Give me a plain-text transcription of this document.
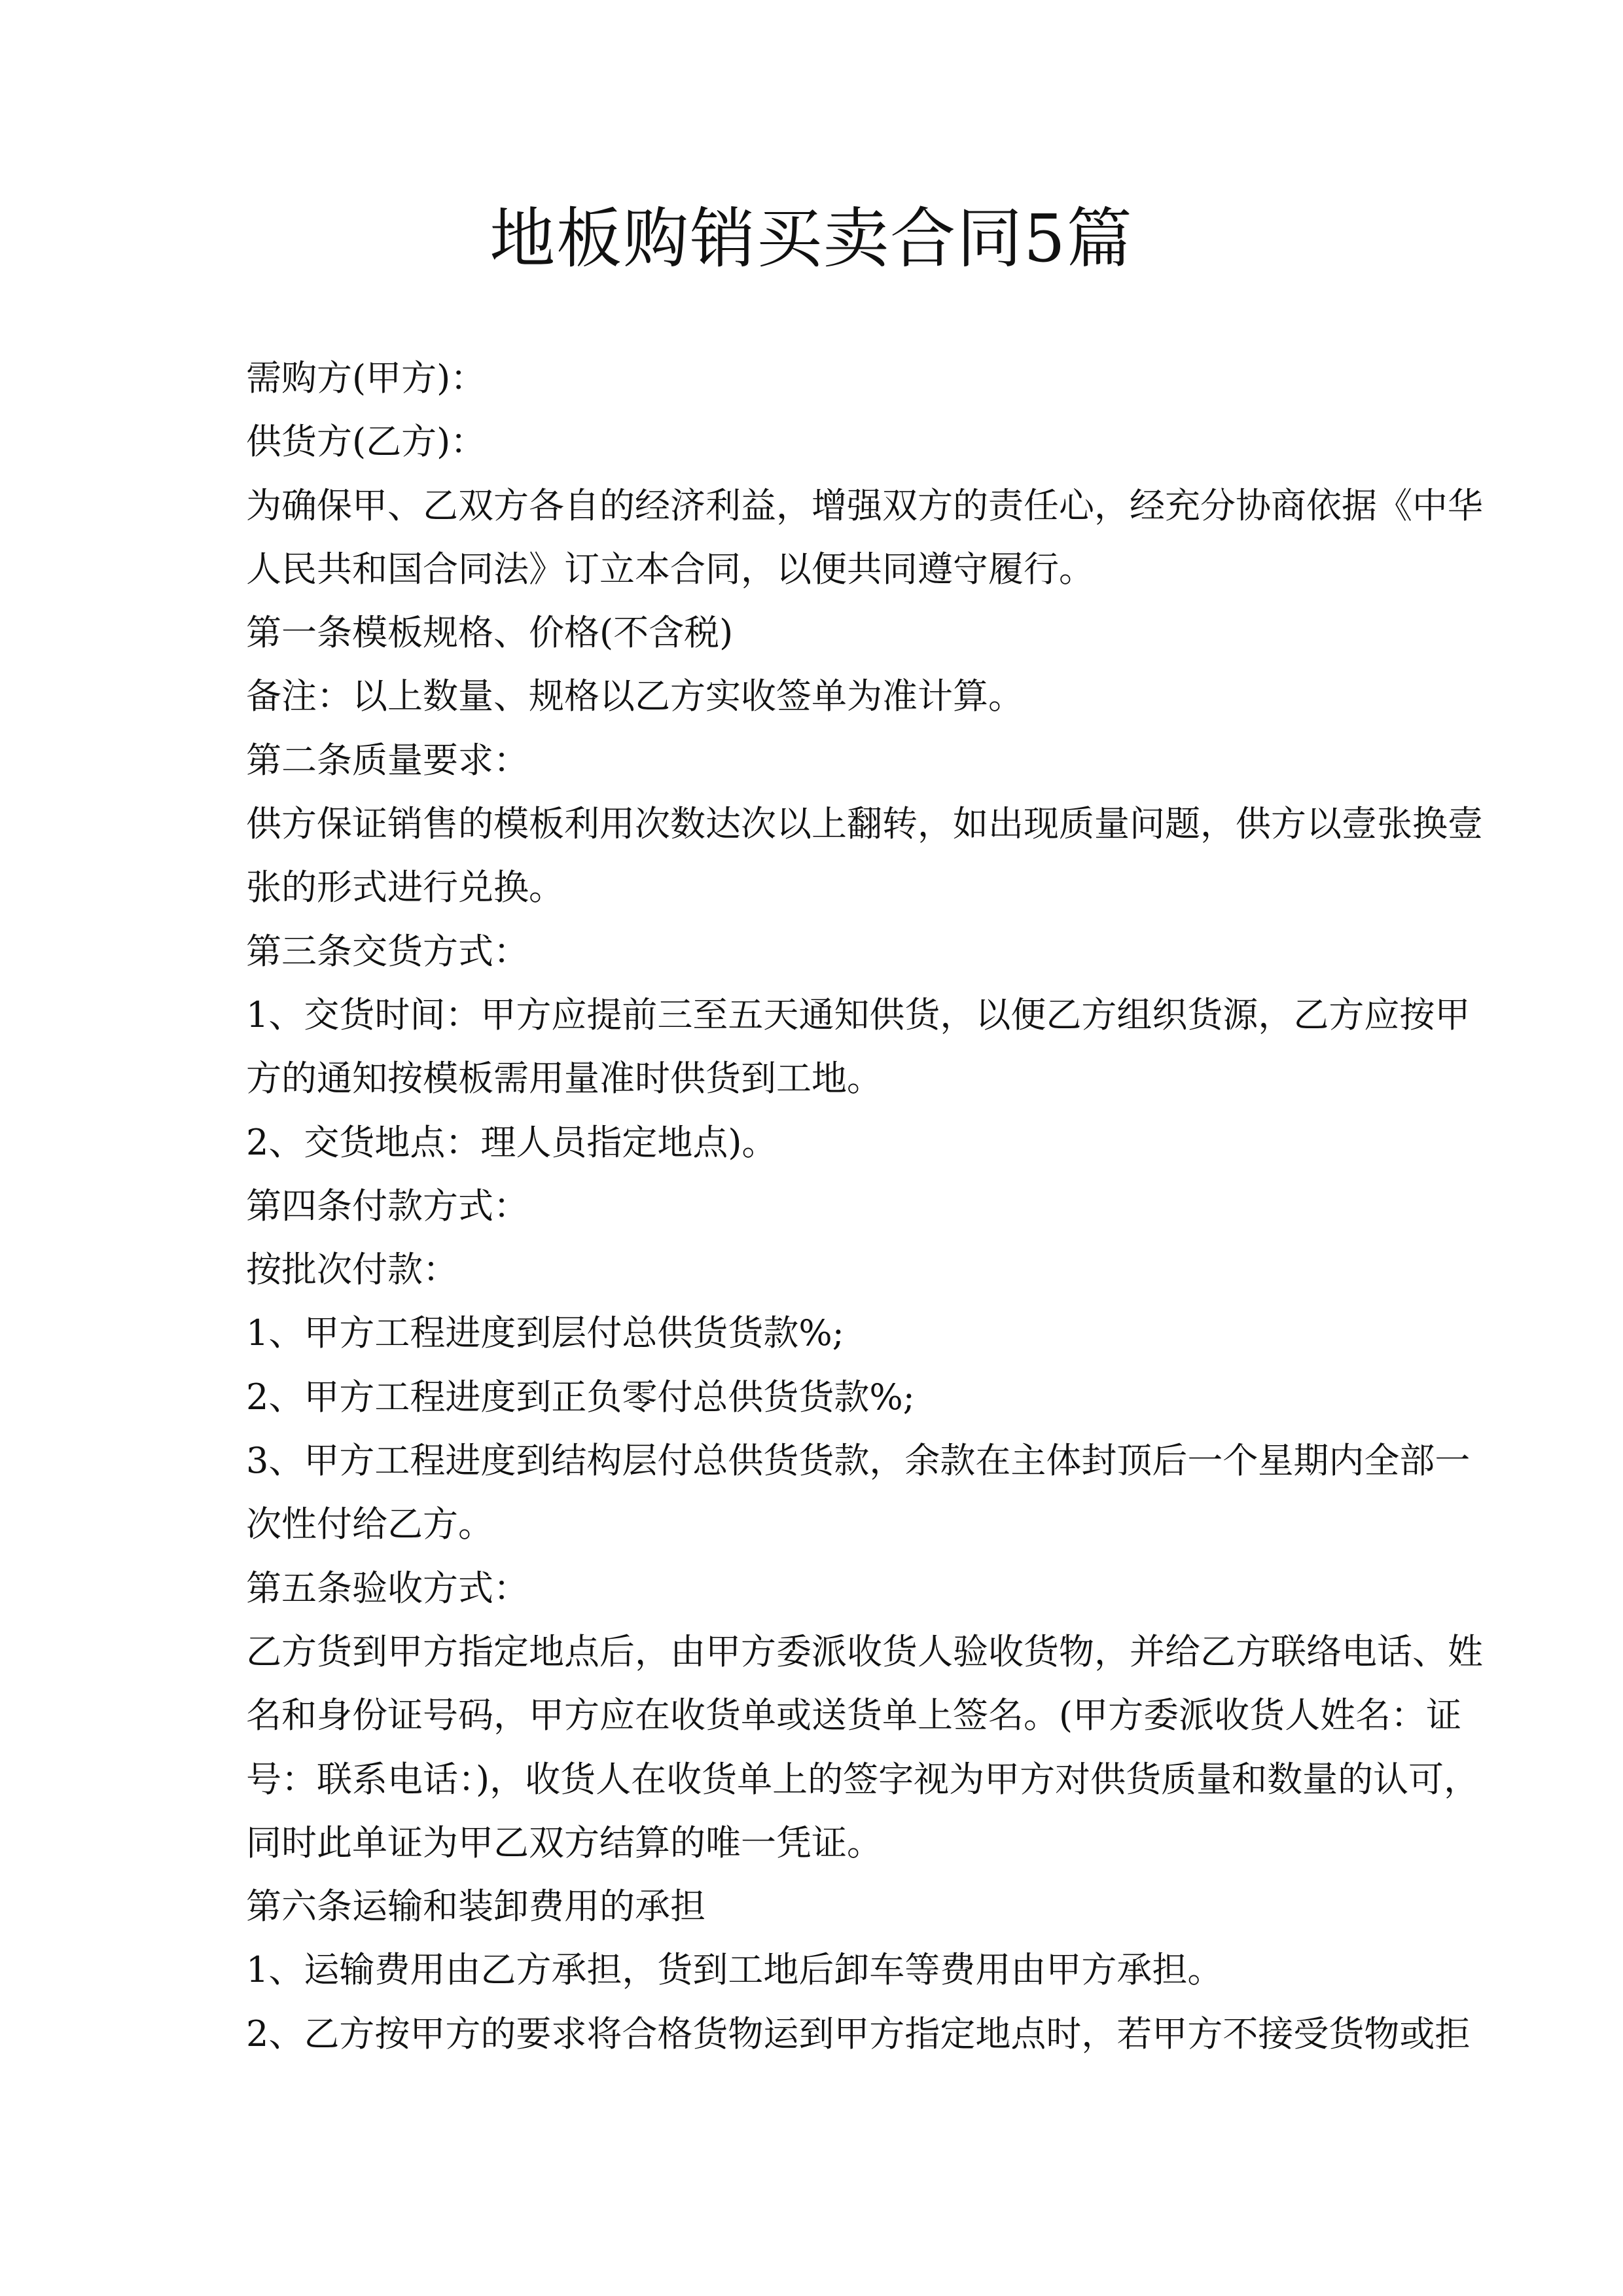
地板购销买卖合同5篇
需购方(甲方)：
供货方(乙方)：
为确保甲、乙双方各自的经济利益，增强双方的责任心，经充分协商依据《中华
人民共和国合同法》订立本合同，以便共同遵守履行。
第一条模板规格、价格(不含税)
备注：以上数量、规格以乙方实收签单为准计算。
第二条质量要求：
供方保证销售的模板利用次数达次以上翻转，如出现质量问题，供方以壹张换壹
张的形式进行兑换。
第三条交货方式：
1、交货时间：甲方应提前三至五天通知供货，以便乙方组织货源，乙方应按甲
方的通知按模板需用量准时供货到工地。
2、交货地点：理人员指定地点)。
第四条付款方式：
按批次付款：
1、甲方工程进度到层付总供货货款%;
2、甲方工程进度到正负零付总供货货款%;
3、甲方工程进度到结构层付总供货货款，余款在主体封顶后一个星期内全部一
次性付给乙方。
第五条验收方式：
乙方货到甲方指定地点后，由甲方委派收货人验收货物，并给乙方联络电话、姓
名和身份证号码，甲方应在收货单或送货单上签名。(甲方委派收货人姓名：证
号：联系电话：)，收货人在收货单上的签字视为甲方对供货质量和数量的认可，
同时此单证为甲乙双方结算的唯一凭证。
第六条运输和装卸费用的承担
1、运输费用由乙方承担，货到工地后卸车等费用由甲方承担。
2、乙方按甲方的要求将合格货物运到甲方指定地点时，若甲方不接受货物或拒
